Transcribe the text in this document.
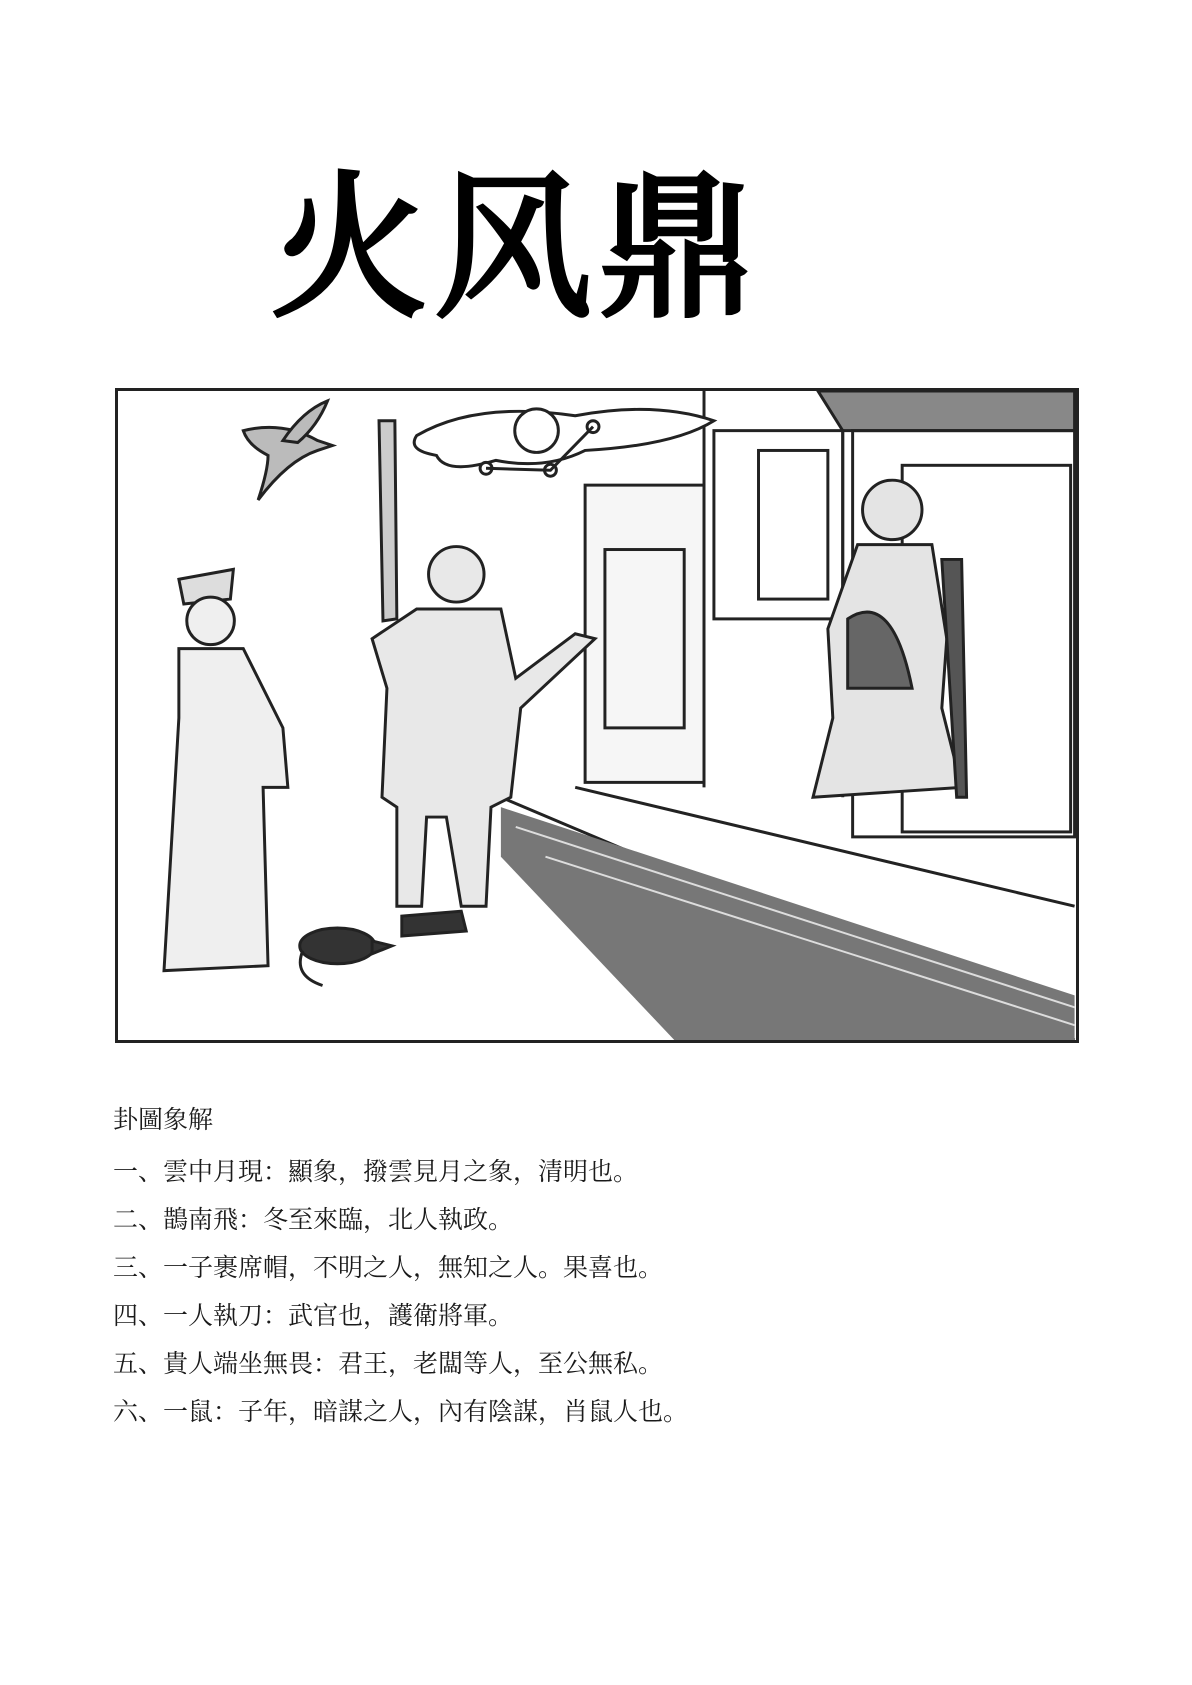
火风鼎
卦圖象解
一、雲中月現：顯象，撥雲見月之象，清明也。
二、鵲南飛：冬至來臨，北人執政。
三、一子裹席帽，不明之人，無知之人。果喜也。
四、一人執刀：武官也，護衛將軍。
五、貴人端坐無畏：君王，老闆等人，至公無私。
六、一鼠：子年，暗謀之人，內有陰謀，肖鼠人也。
